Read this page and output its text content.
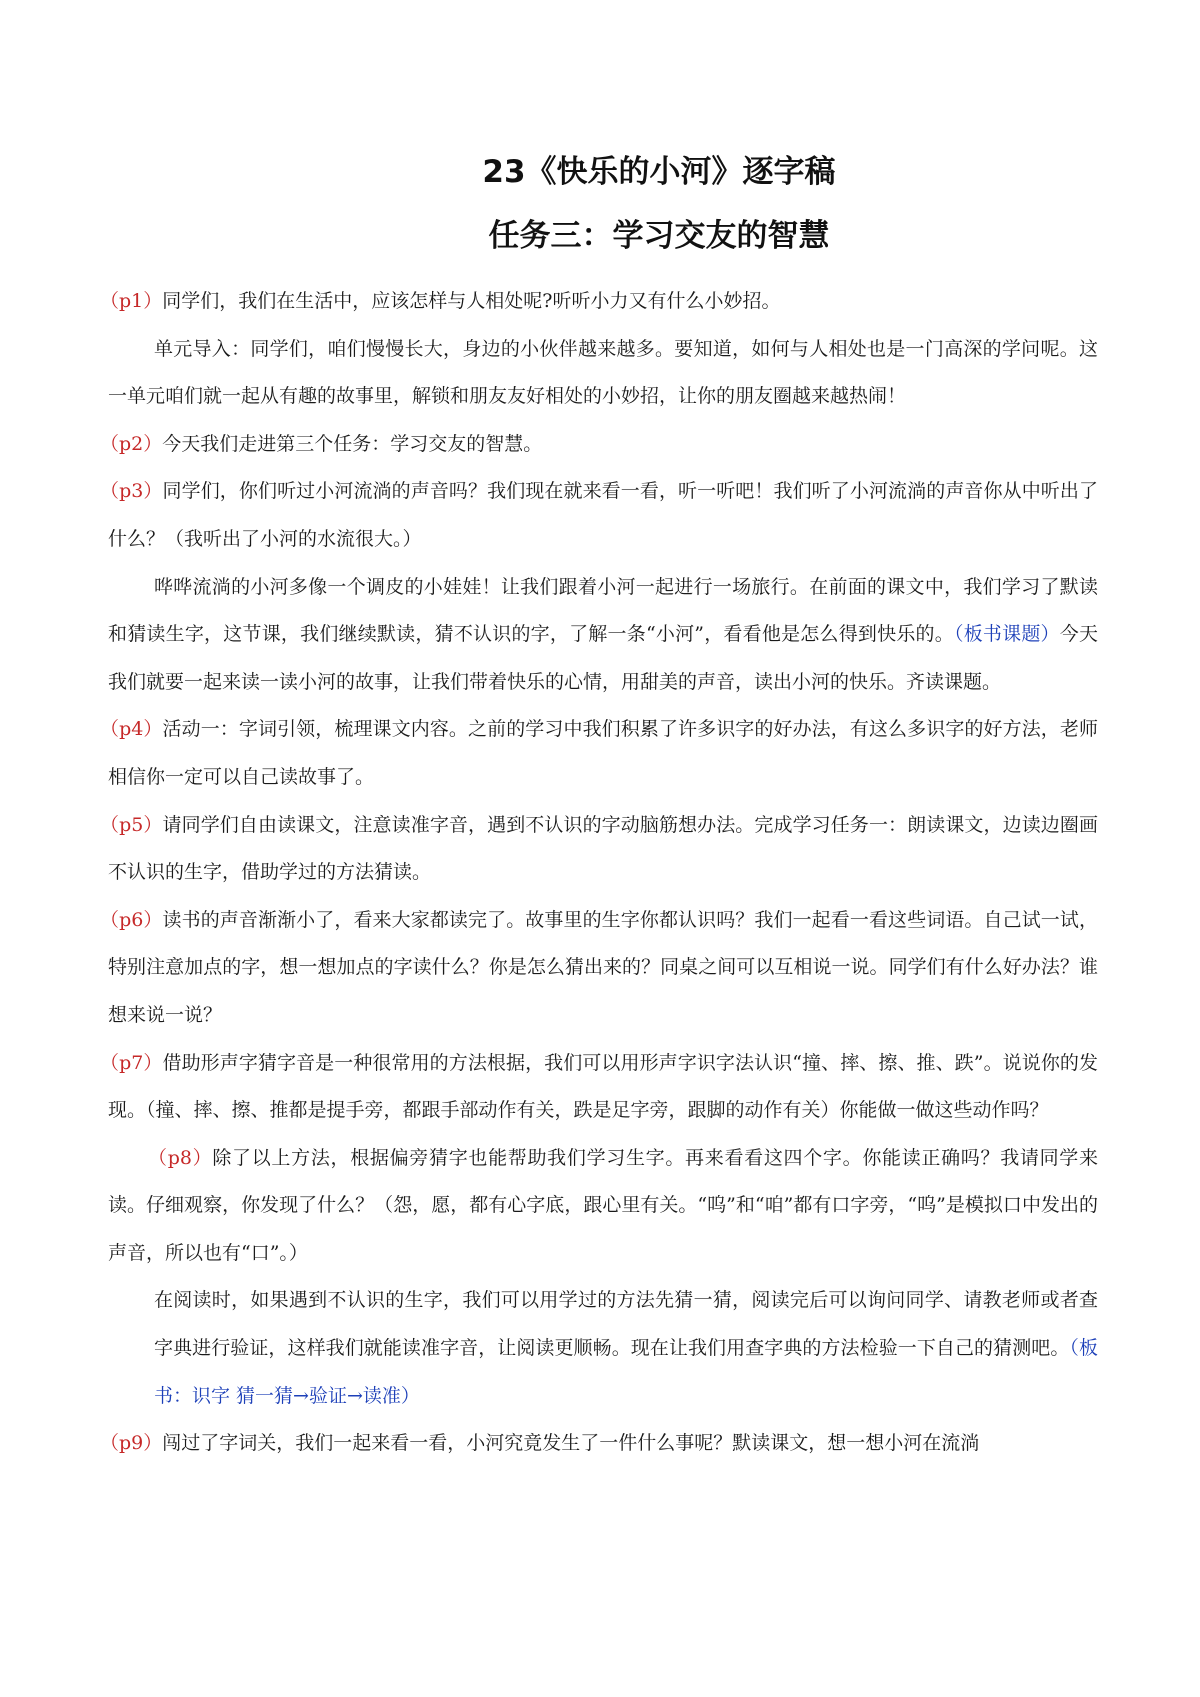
23《快乐的小河》逐字稿
任务三：学习交友的智慧

（p1）同学们，我们在生活中，应该怎样与人相处呢?听听小力又有什么小妙招。

单元导入：同学们，咱们慢慢长大，身边的小伙伴越来越多。要知道，如何与人相处也是一门高深的学问呢。这一单元咱们就一起从有趣的故事里，解锁和朋友友好相处的小妙招，让你的朋友圈越来越热闹！

（p2）今天我们走进第三个任务：学习交友的智慧。

（p3）同学们，你们听过小河流淌的声音吗？我们现在就来看一看，听一听吧！我们听了小河流淌的声音你从中听出了什么？（我听出了小河的水流很大。）

哗哗流淌的小河多像一个调皮的小娃娃！让我们跟着小河一起进行一场旅行。在前面的课文中，我们学习了默读和猜读生字，这节课，我们继续默读，猜不认识的字，了解一条“小河”，看看他是怎么得到快乐的。（板书课题）今天我们就要一起来读一读小河的故事，让我们带着快乐的心情，用甜美的声音，读出小河的快乐。齐读课题。

（p4）活动一：字词引领，梳理课文内容。之前的学习中我们积累了许多识字的好办法，有这么多识字的好方法，老师相信你一定可以自己读故事了。

（p5）请同学们自由读课文，注意读准字音，遇到不认识的字动脑筋想办法。完成学习任务一：朗读课文，边读边圈画不认识的生字，借助学过的方法猜读。

（p6）读书的声音渐渐小了，看来大家都读完了。故事里的生字你都认识吗？我们一起看一看这些词语。自己试一试，特别注意加点的字，想一想加点的字读什么？你是怎么猜出来的？同桌之间可以互相说一说。同学们有什么好办法？谁想来说一说？

（p7）借助形声字猜字音是一种很常用的方法根据，我们可以用形声字识字法认识“撞、摔、擦、推、跌”。说说你的发现。（撞、摔、擦、推都是提手旁，都跟手部动作有关，跌是足字旁，跟脚的动作有关）你能做一做这些动作吗？

（p8）除了以上方法，根据偏旁猜字也能帮助我们学习生字。再来看看这四个字。你能读正确吗？我请同学来读。仔细观察，你发现了什么？（怨，愿，都有心字底，跟心里有关。“呜”和“咱”都有口字旁，“呜”是模拟口中发出的声音，所以也有“口”。）

在阅读时，如果遇到不认识的生字，我们可以用学过的方法先猜一猜，阅读完后可以询问同学、请教老师或者查字典进行验证，这样我们就能读准字音，让阅读更顺畅。现在让我们用查字典的方法检验一下自己的猜测吧。（板书：识字 猜一猜→验证→读准）

（p9）闯过了字词关，我们一起来看一看，小河究竟发生了一件什么事呢？默读课文，想一想小河在流淌
